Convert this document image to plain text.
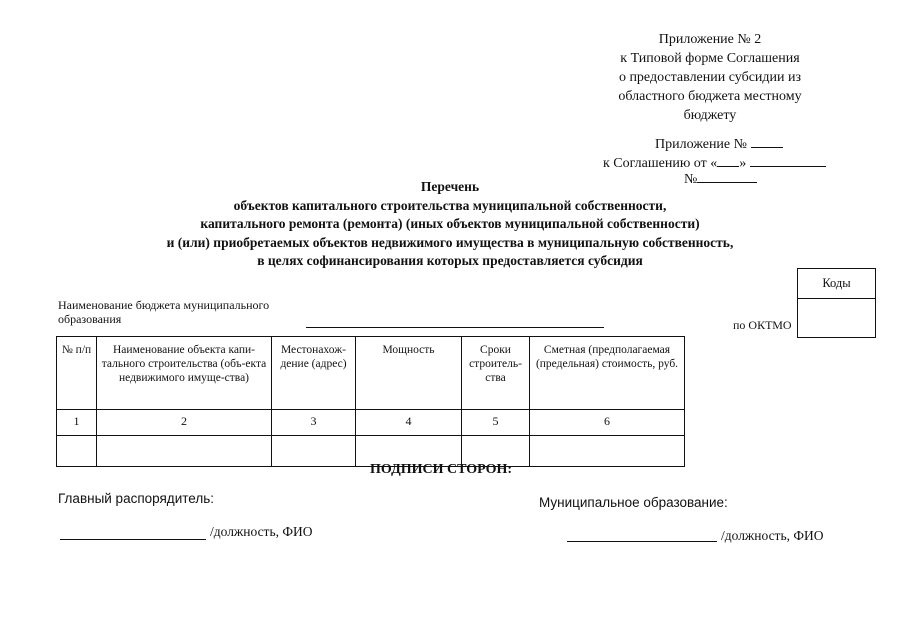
Приложение № 2
к Типовой форме Соглашения
о предоставлении субсидии из
областного бюджета местному
бюджету
Приложение №
к Соглашению от « »
№
Перечень
объектов капитального строительства муниципальной собственности,
капитального ремонта (ремонта) (иных объектов муниципальной собственности)
и (или) приобретаемых объектов недвижимого имущества в муниципальную собственность,
в целях софинансирования которых предоставляется субсидия
Наименование бюджета муниципального
образования	по ОКТМО
Коды
№ п/п	Наименование объекта капи-тального строительства (объ-екта недвижимого имуще-ства)	Местонахож-дение (адрес)	Мощность	Сроки строитель-ства	Сметная (предполагаемая (предельная) стоимость, руб.
1	2	3	4	5	6

ПОДПИСИ СТОРОН:
Главный распорядитель:	Муниципальное образование:
/должность, ФИО	/должность, ФИО
